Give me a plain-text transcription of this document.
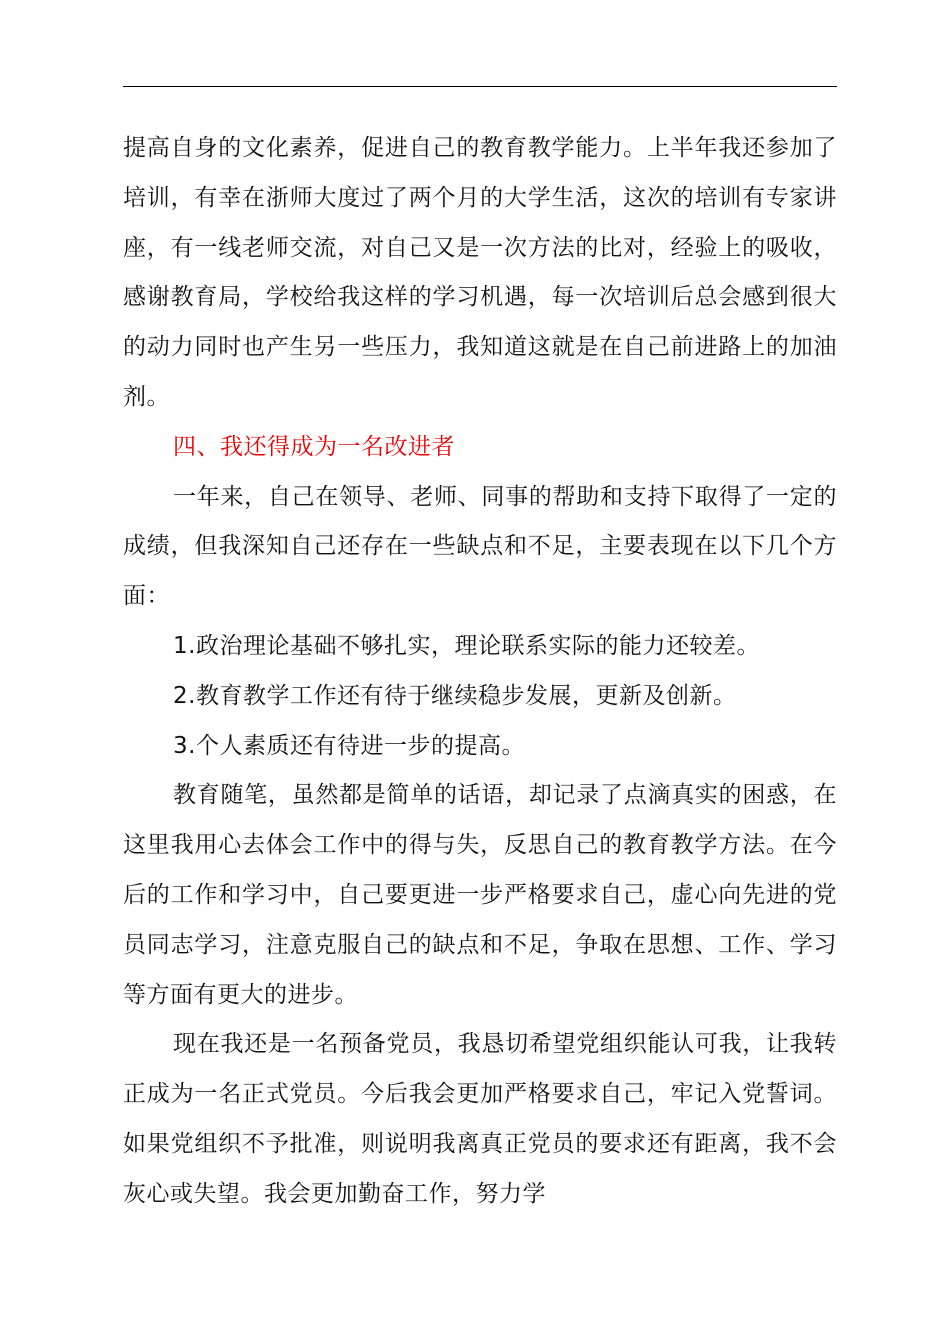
提高自身的文化素养，促进自己的教育教学能力。上半年我还参加了培训，有幸在浙师大度过了两个月的大学生活，这次的培训有专家讲座，有一线老师交流，对自己又是一次方法的比对，经验上的吸收，感谢教育局，学校给我这样的学习机遇，每一次培训后总会感到很大的动力同时也产生另一些压力，我知道这就是在自己前进路上的加油剂。

四、我还得成为一名改进者

一年来，自己在领导、老师、同事的帮助和支持下取得了一定的成绩，但我深知自己还存在一些缺点和不足，主要表现在以下几个方面：

1.政治理论基础不够扎实，理论联系实际的能力还较差。

2.教育教学工作还有待于继续稳步发展，更新及创新。

3.个人素质还有待进一步的提高。

教育随笔，虽然都是简单的话语，却记录了点滴真实的困惑，在这里我用心去体会工作中的得与失，反思自己的教育教学方法。在今后的工作和学习中，自己要更进一步严格要求自己，虚心向先进的党员同志学习，注意克服自己的缺点和不足，争取在思想、工作、学习等方面有更大的进步。

现在我还是一名预备党员，我恳切希望党组织能认可我，让我转正成为一名正式党员。今后我会更加严格要求自己，牢记入党誓词。如果党组织不予批准，则说明我离真正党员的要求还有距离，我不会灰心或失望。我会更加勤奋工作，努力学
